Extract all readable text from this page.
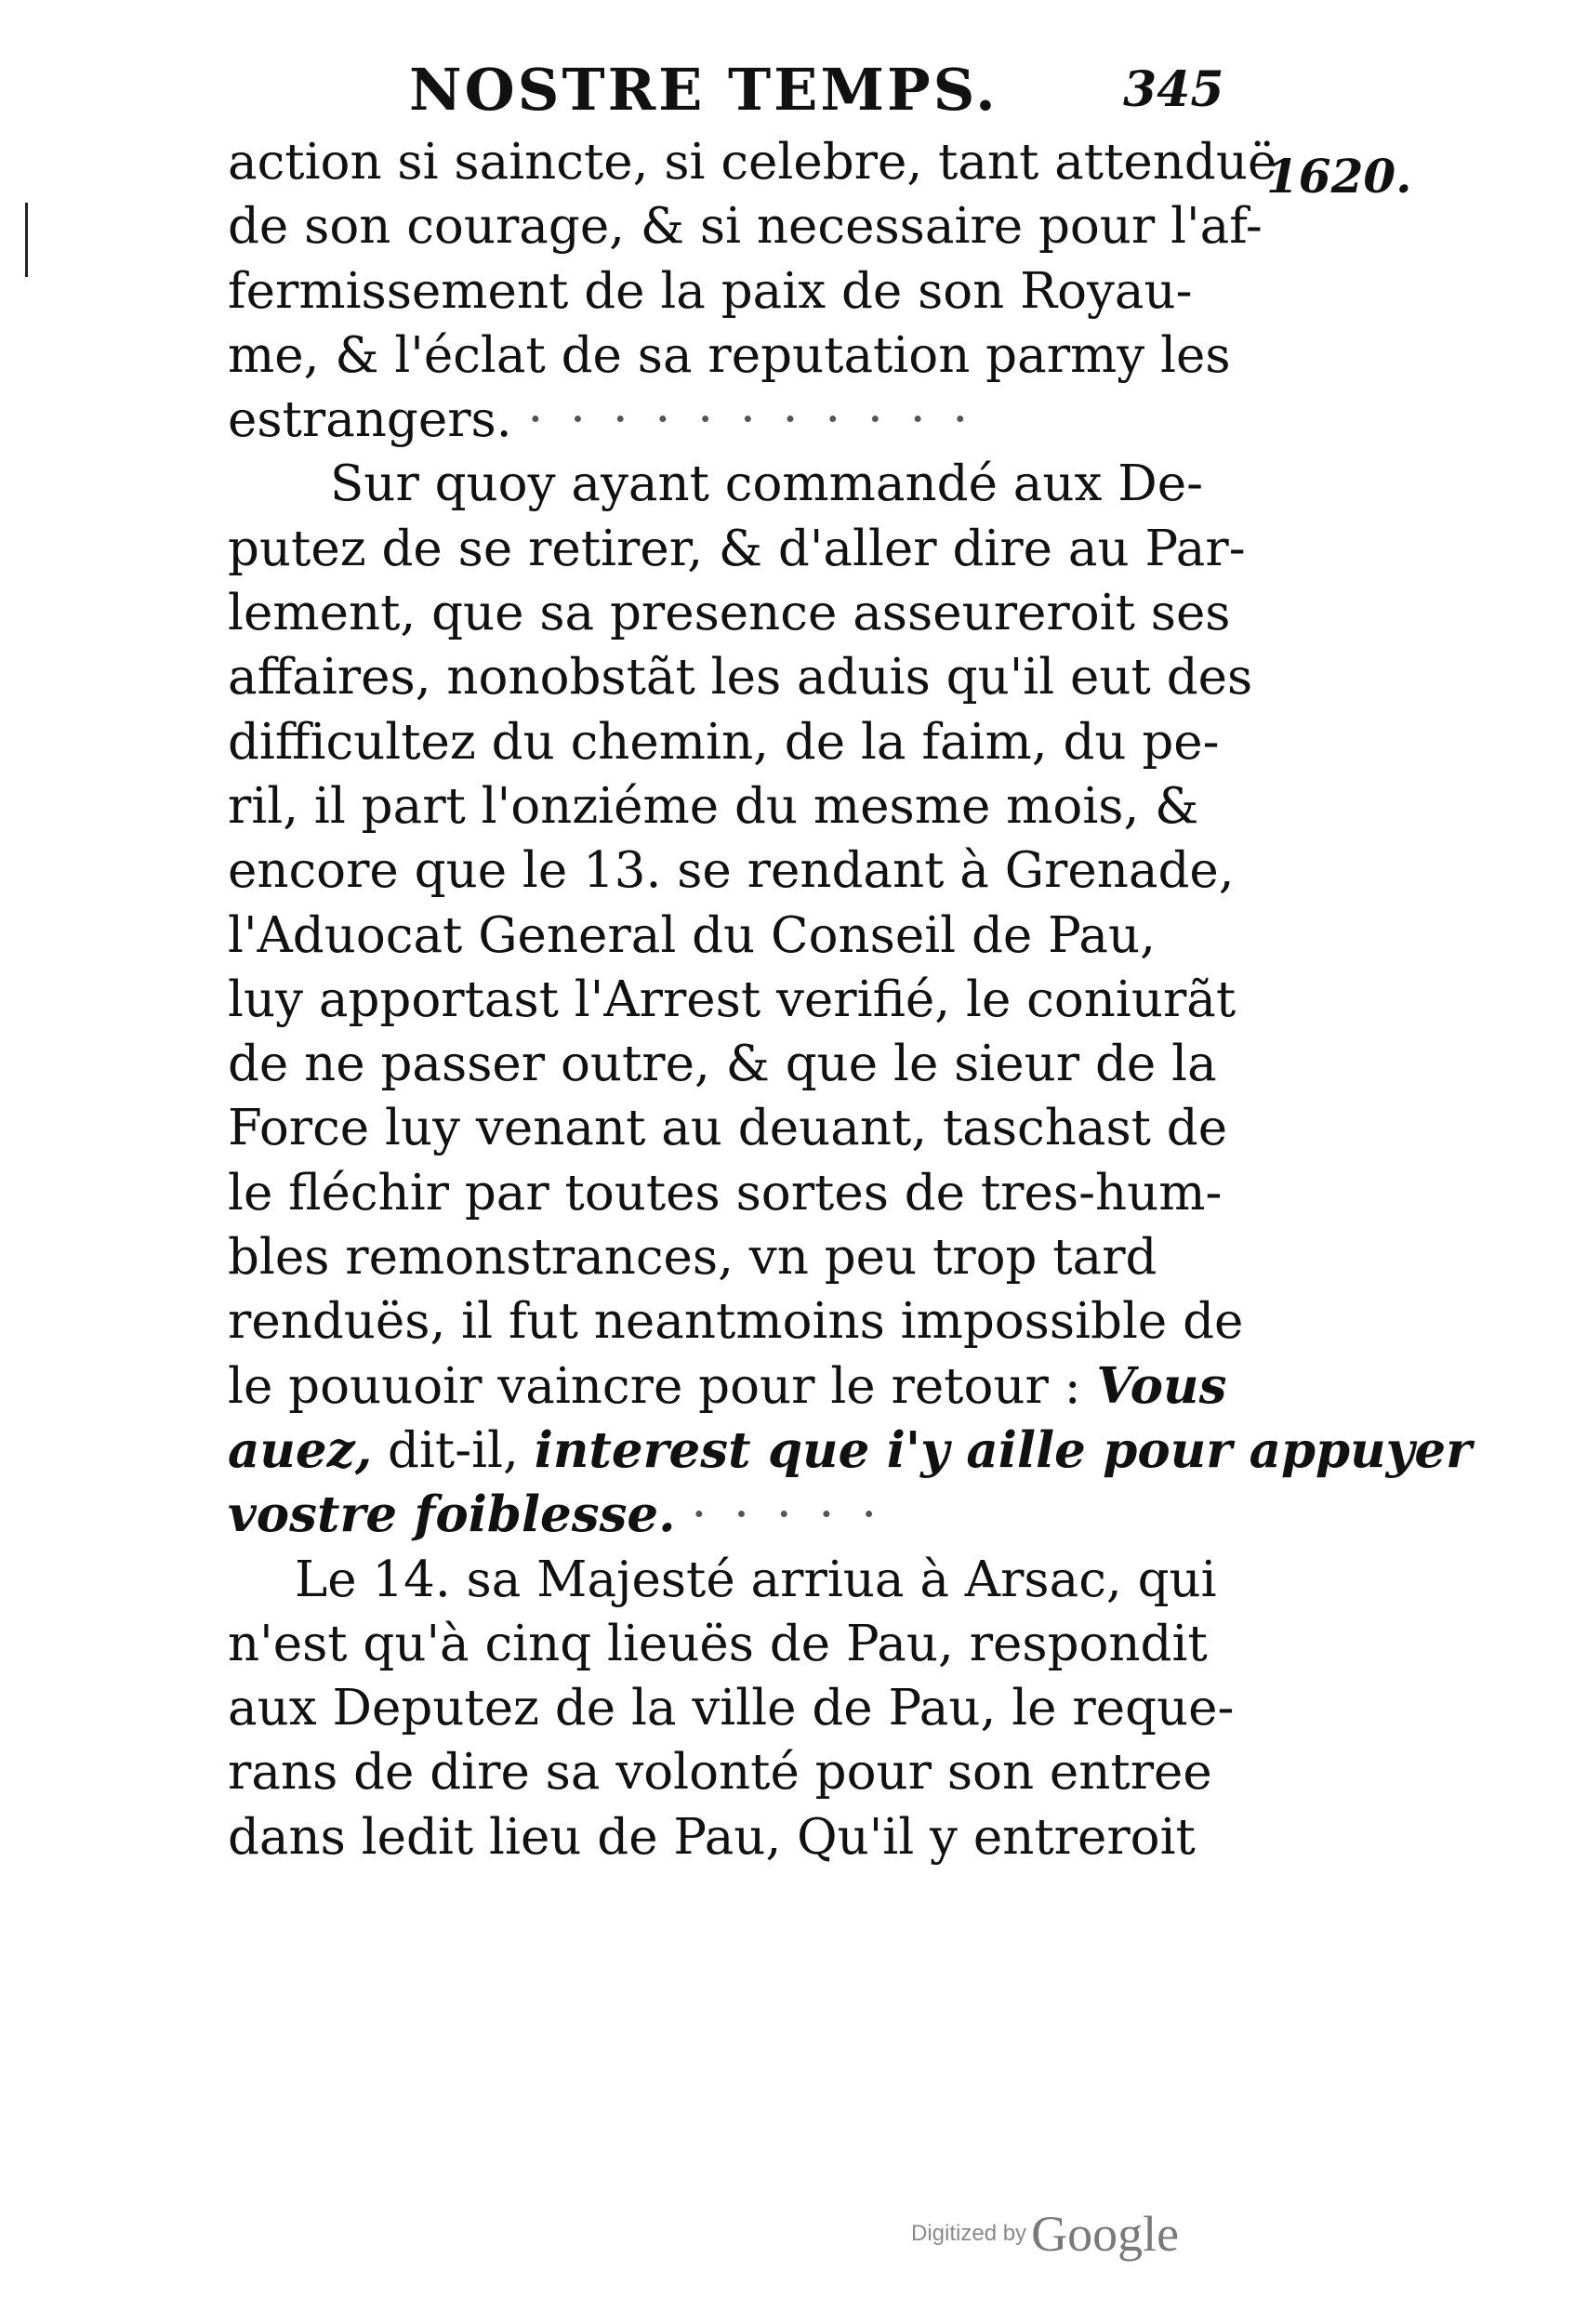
NOSTRE TEMPS.	345
1620.
action si saincte, si celebre, tant attenduë
de son courage, & si necessaire pour l'af-
fermissement de la paix de son Royau-
me, & l'éclat de sa reputation parmy les
estrangers. · · · · · · · · · · ·
Sur quoy ayant commandé aux De-
putez de se retirer, & d'aller dire au Par-
lement, que sa presence asseureroit ses
affaires, nonobstãt les aduis qu'il eut des
difficultez du chemin, de la faim, du pe-
ril, il part l'onziéme du mesme mois, &
encore que le 13. se rendant à Grenade,
l'Aduocat General du Conseil de Pau,
luy apportast l'Arrest verifié, le coniurãt
de ne passer outre, & que le sieur de la
Force luy venant au deuant, taschast de
le fléchir par toutes sortes de tres-hum-
bles remonstrances, vn peu trop tard
renduës, il fut neantmoins impossible de
le pouuoir vaincre pour le retour : Vous
auez, dit-il, interest que i'y aille pour appuyer
vostre foiblesse. · · · · ·
Le 14. sa Majesté arriua à Arsac, qui
n'est qu'à cinq lieuës de Pau, respondit
aux Deputez de la ville de Pau, le reque-
rans de dire sa volonté pour son entree
dans ledit lieu de Pau, Qu'il y entreroit
Digitized by Google
